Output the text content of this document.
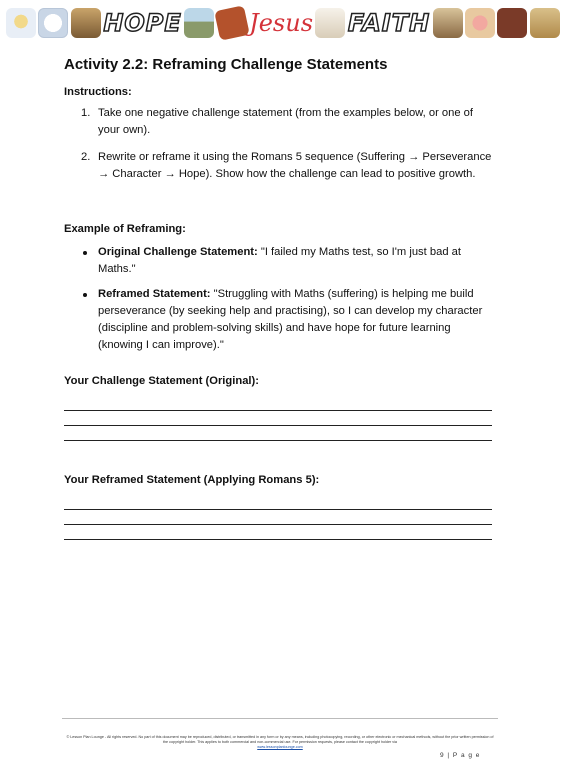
HOPE	Jesus FAITH
Activity 2.2: Reframing Challenge Statements

Instructions:

1. Take one negative challenge statement (from the examples below, or one of your own).
2. Rewrite or reframe it using the Romans 5 sequence (Suffering → Perseverance → Character → Hope). Show how the challenge can lead to positive growth.

Example of Reframing:

Original Challenge Statement: "I failed my Maths test, so I'm just bad at Maths."
Reframed Statement: "Struggling with Maths (suffering) is helping me build perseverance (by seeking help and practising), so I can develop my character (discipline and problem-solving skills) and have hope for future learning (knowing I can improve)."

Your Challenge Statement (Original):

Your Reframed Statement (Applying Romans 5):

© Lesson Plan Lounge - All rights reserved. No part of this document may be reproduced, distributed, or transmitted in any form or by any means, including photocopying, recording, or other electronic or mechanical methods, without the prior written permission of the copyright holder. This applies to both commercial and non-commercial use. For permission requests, please contact the copyright holder via
www.lessonplanlounge.com
9 | P a g e
